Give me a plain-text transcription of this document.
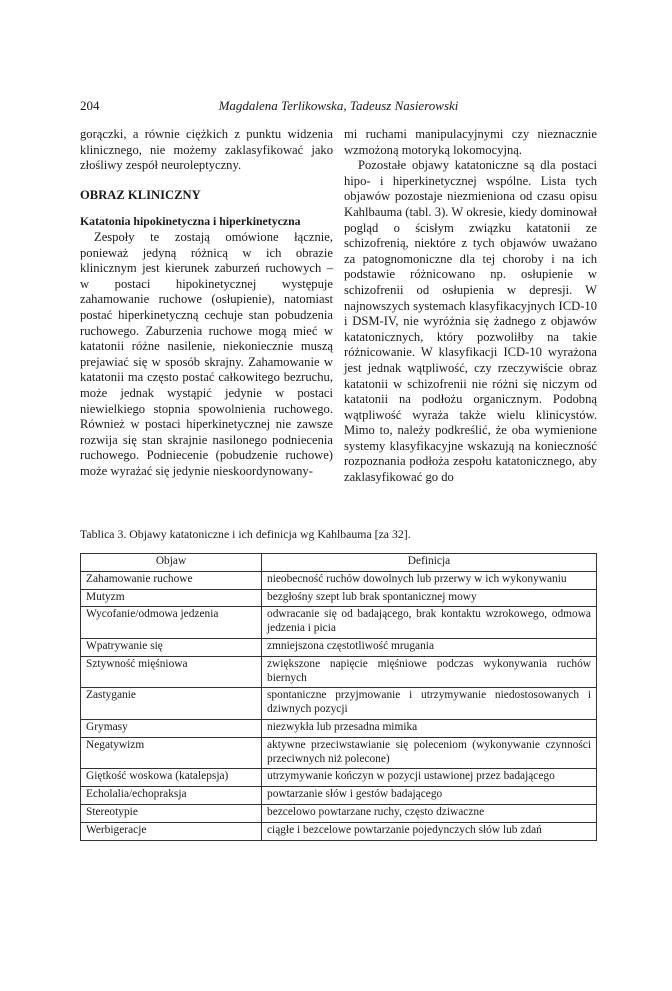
204	Magdalena Terlikowska, Tadeusz Nasierowski

gorączki, a równie ciężkich z punktu widzenia klinicznego, nie możemy zaklasyfikować jako złośliwy zespół neuroleptyczny.

OBRAZ KLINICZNY

Katatonia hipokinetyczna i hiperkinetyczna

Zespoły te zostają omówione łącznie, ponieważ jedyną różnicą w ich obrazie klinicznym jest kierunek zaburzeń ruchowych – w postaci hipokinetycznej występuje zahamowanie ruchowe (osłupienie), natomiast postać hiperkinetyczną cechuje stan pobudzenia ruchowego. Zaburzenia ruchowe mogą mieć w katatonii różne nasilenie, niekoniecznie muszą prejawiać się w sposób skrajny. Zahamowanie w katatonii ma często postać całkowitego bezruchu, może jednak wystąpić jedynie w postaci niewielkiego stopnia spowolnienia ruchowego. Również w postaci hiperkinetycznej nie zawsze rozwija się stan skrajnie nasilonego podniecenia ruchowego. Podniecenie (pobudzenie ruchowe) może wyrażać się jedynie nieskoordynowany-

mi ruchami manipulacyjnymi czy nieznacznie wzmożoną motoryką lokomocyjną.

Pozostałe objawy katatoniczne są dla postaci hipo- i hiperkinetycznej wspólne. Lista tych objawów pozostaje niezmieniona od czasu opisu Kahlbauma (tabl. 3). W okresie, kiedy dominował pogląd o ścisłym związku katatonii ze schizofrenią, niektóre z tych objawów uważano za patognomoniczne dla tej choroby i na ich podstawie różnicowano np. osłupienie w schizofrenii od osłupienia w depresji. W najnowszych systemach klasyfikacyjnych ICD-10 i DSM-IV, nie wyróżnia się żadnego z objawów katatonicznych, który pozwoliłby na takie różnicowanie. W klasyfikacji ICD-10 wyrażona jest jednak wątpliwość, czy rzeczywiście obraz katatonii w schizofrenii nie różni się niczym od katatonii na podłożu organicznym. Podobną wątpliwość wyraża także wielu klinicystów. Mimo to, należy podkreślić, że oba wymienione systemy klasyfikacyjne wskazują na konieczność rozpoznania podłoża zespołu katatonicznego, aby zaklasyfikować go do

Tablica 3. Objawy katatoniczne i ich definicja wg Kahlbauma [za 32].
Objaw	Definicja
Zahamowanie ruchowe	nieobecność ruchów dowolnych lub przerwy w ich wykonywaniu
Mutyzm	bezgłośny szept lub brak spontanicznej mowy
Wycofanie/odmowa jedzenia	odwracanie się od badającego, brak kontaktu wzrokowego, odmowa jedzenia i picia
Wpatrywanie się	zmniejszona częstotliwość mrugania
Sztywność mięśniowa	zwiększone napięcie mięśniowe podczas wykonywania ruchów biernych
Zastyganie	spontaniczne przyjmowanie i utrzymywanie niedostosowanych i dziwnych pozycji
Grymasy	niezwykła lub przesadna mimika
Negatywizm	aktywne przeciwstawianie się poleceniom (wykonywanie czynności przeciwnych niż polecone)
Giętkość woskowa (katalepsja)	utrzymywanie kończyn w pozycji ustawionej przez badającego
Echolalia/echopraksja	powtarzanie słów i gestów badającego
Stereotypie	bezcelowo powtarzane ruchy, często dziwaczne
Werbigeracje	ciągłe i bezcelowe powtarzanie pojedynczych słów lub zdań
